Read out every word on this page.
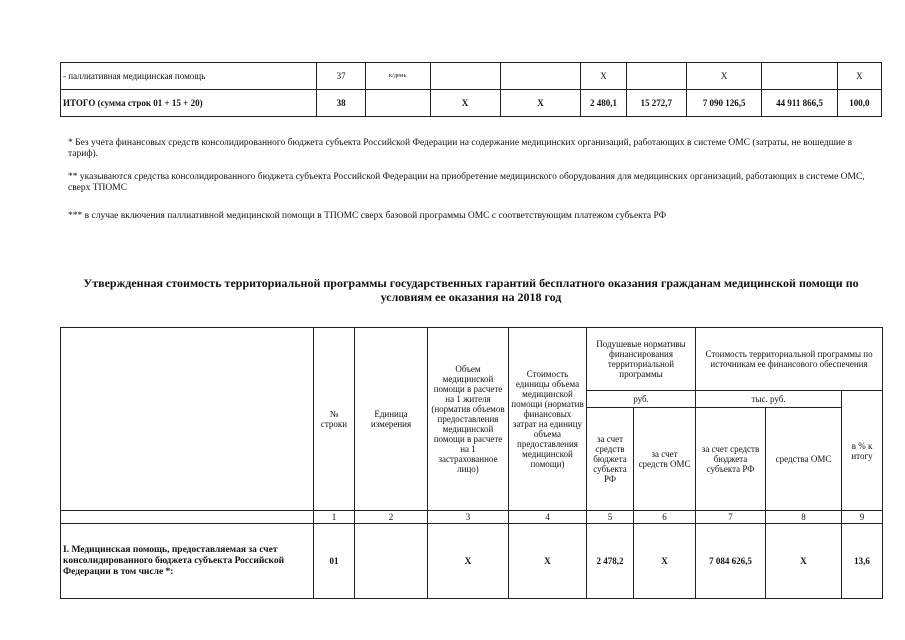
- паллиативная медицинская помощь	37	к/день			X		X		X
ИТОГО (сумма строк 01 + 15 + 20)	38		X	X	2 480,1	15 272,7	7 090 126,5	44 911 866,5	100,0
* Без учета финансовых средств консолидированного бюджета субъекта Российской Федерации на содержание медицинских организаций, работающих в системе ОМС (затраты, не вошедшие в тариф).
** указываются средства консолидированного бюджета субъекта Российской Федерации на приобретение медицинского оборудования для медицинских организаций, работающих в системе ОМС, сверх ТПОМС
*** в случае включения паллиативной медицинской помощи в ТПОМС сверх базовой программы ОМС с соответствующим платежом субъекта РФ
Утвержденная стоимость территориальной программы государственных гарантий бесплатного оказания гражданам медицинской помощи по условиям ее оказания на 2018 год
	№ строки	Единица измерения	Объем медицинской помощи в расчете на 1 жителя (норматив объемов предоставления медицинской помощи в расчете на 1 застрахованное лицо)	Стоимость единицы объема медицинской помощи (норматив финансовых затрат на единицу объема предоставления медицинской помощи)	Подушевые нормативы финансирования территориальной программы		Стоимость территориальной программы по источникам ее финансового обеспечения		
					руб.		тыс. руб.		в % к итогу
					за счет средств бюджета субъекта РФ	за счет средств ОМС	за счет средств бюджета субъекта РФ	средства ОМС	
	1	2	3	4	5	6	7	8	9
I. Медицинская помощь, предоставляемая за счет консолидированного бюджета субъекта Российской Федерации в том числе *:	01		X	X	2 478,2	X	7 084 626,5	X	13,6
